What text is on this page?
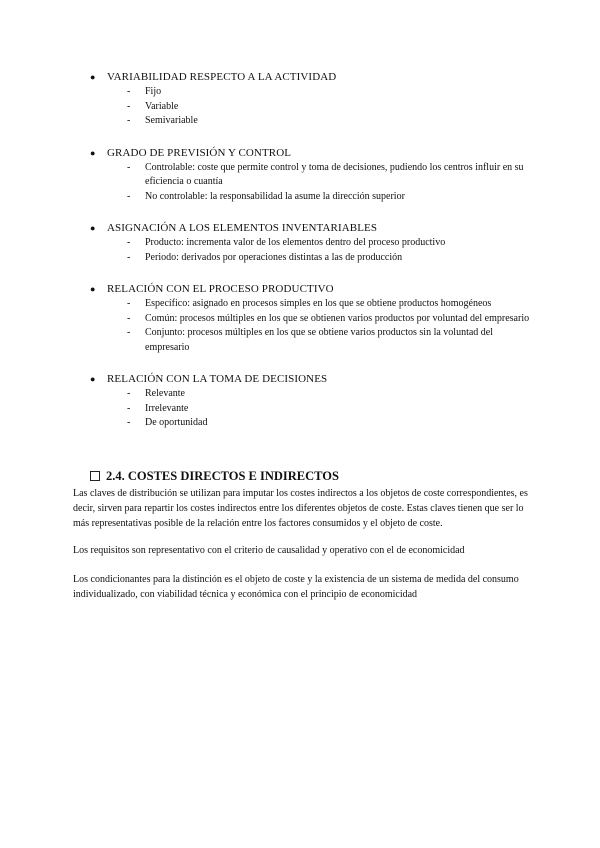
● VARIABILIDAD RESPECTO A LA ACTIVIDAD
- Fijo
- Variable
- Semivariable
● GRADO DE PREVISIÓN Y CONTROL
- Controlable: coste que permite control y toma de decisiones, pudiendo los centros influir en su eficiencia o cuantía
- No controlable: la responsabilidad la asume la dirección superior
● ASIGNACIÓN A LOS ELEMENTOS INVENTARIABLES
- Producto: incrementa valor de los elementos dentro del proceso productivo
- Periodo: derivados por operaciones distintas a las de producción
● RELACIÓN CON EL PROCESO PRODUCTIVO
- Específico: asignado en procesos simples en los que se obtiene productos homogéneos
- Común: procesos múltiples en los que se obtienen varios productos por voluntad del empresario
- Conjunto: procesos múltiples en los que se obtiene varios productos sin la voluntad del empresario
● RELACIÓN CON LA TOMA DE DECISIONES
- Relevante
- Irrelevante
- De oportunidad
2.4. COSTES DIRECTOS E INDIRECTOS

Las claves de distribución se utilizan para imputar los costes indirectos a los objetos de coste correspondientes, es decir, sirven para repartir los costes indirectos entre los diferentes objetos de coste. Estas claves tienen que ser lo más representativas posible de la relación entre los factores consumidos y el objeto de coste.

Los requisitos son representativo con el criterio de causalidad y operativo con el de economicidad

Los condicionantes para la distinción es el objeto de coste y la existencia de un sistema de medida del consumo individualizado, con viabilidad técnica y económica con el principio de economicidad
